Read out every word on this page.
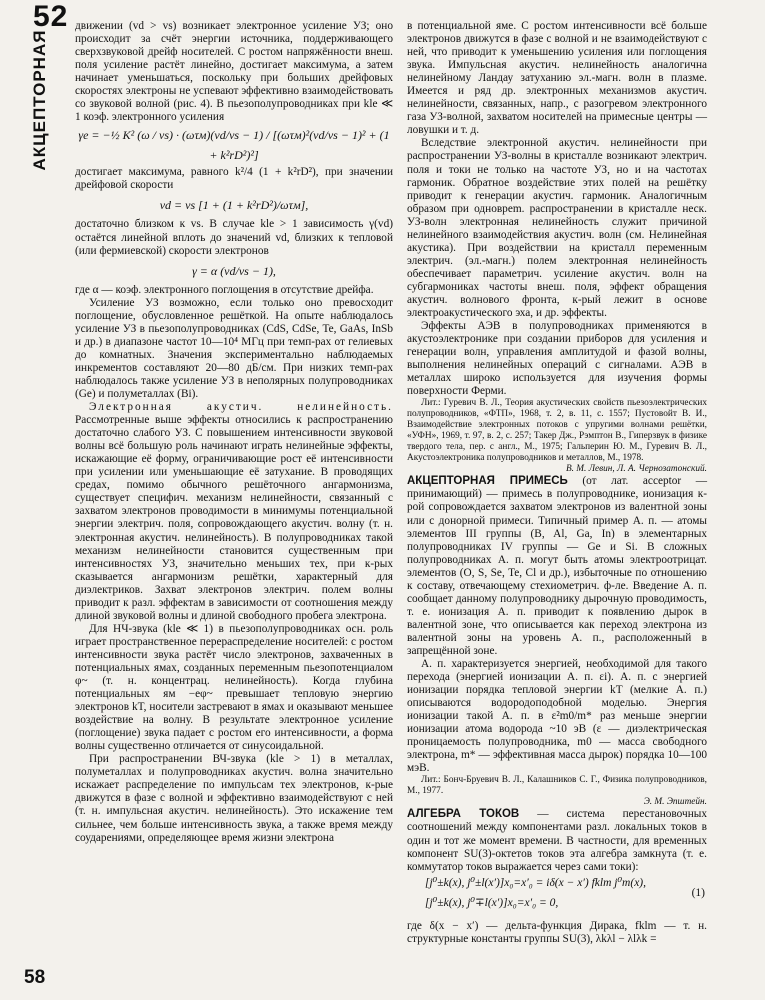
52
АКЦЕПТОРНАЯ
58

движении (vd > vs) возникает электронное усиление УЗ; оно происходит за счёт энергии источника, поддерживающего сверхзвуковой дрейф носителей. С ростом напряжённости внеш. поля усиление растёт линейно, достигает максимума, а затем начинает уменьшаться, поскольку при больших дрейфовых скоростях электроны не успевают эффективно взаимодействовать со звуковой волной (рис. 4). В пьезополупроводниках при klе ≪ 1 коэф. электронного усиления

γe = −½ K² (ω / vs) · (ωτм)(vd/vs − 1) / [(ωτм)²(vd/vs − 1)² + (1 + k²rD²)²]

достигает максимума, равного k²/4 (1 + k²rD²), при значении дрейфовой скорости

vd = vs [1 + (1 + k²rD²)/ωτм],

достаточно близком к vs. В случае klе > 1 зависимость γ(vd) остаётся линейной вплоть до значений vd, близких к тепловой (или фермиевской) скорости электронов

γ = α (vd/vs − 1),

где α — коэф. электронного поглощения в отсутствие дрейфа.

Усиление УЗ возможно, если только оно превосходит поглощение, обусловленное решёткой. На опыте наблюдалось усиление УЗ в пьезополупроводниках (CdS, CdSe, Te, GaAs, InSb и др.) в диапазоне частот 10—10⁴ МГц при темп-рах от гелиевых до комнатных. Значения экспериментально наблюдаемых инкрементов составляют 20—80 дБ/см. При низких темп-рах наблюдалось также усиление УЗ в неполярных полупроводниках (Ge) и полуметаллах (Bi).

Электронная акустич. нелинейность. Рассмотренные выше эффекты относились к распространению достаточно слабого УЗ. С повышением интенсивности звуковой волны всё большую роль начинают играть нелинейные эффекты, искажающие её форму, ограничивающие рост её интенсивности при усилении или уменьшающие её затухание. В проводящих средах, помимо обычного решёточного ангармонизма, существует специфич. механизм нелинейности, связанный с захватом электронов проводимости в минимумы потенциальной энергии электрич. поля, сопровождающего акустич. волну (т. н. электронная акустич. нелинейность). В полупроводниках такой механизм нелинейности становится существенным при интенсивностях УЗ, значительно меньших тех, при к-рых сказывается ангармонизм решётки, характерный для диэлектриков. Захват электронов электрич. полем волны приводит к разл. эффектам в зависимости от соотношения между длиной звуковой волны и длиной свободного пробега электрона.

Для НЧ-звука (klе ≪ 1) в пьезополупроводниках осн. роль играет пространственное перераспределение носителей: с ростом интенсивности звука растёт число электронов, захваченных в потенциальных ямах, созданных переменным пьезопотенциалом φ~ (т. н. концентрац. нелинейность). Когда глубина потенциальных ям −eφ~ превышает тепловую энергию электронов kT, носители застревают в ямах и оказывают меньшее воздействие на волну. В результате электронное усиление (поглощение) звука падает с ростом его интенсивности, а форма волны существенно отличается от синусоидальной.

При распространении ВЧ-звука (klе > 1) в металлах, полуметаллах и полупроводниках акустич. волна значительно искажает распределение по импульсам тех электронов, к-рые движутся в фазе с волной и эффективно взаимодействуют с ней (т. н. импульсная акустич. нелинейность). Это искажение тем сильнее, чем больше интенсивность звука, а также время между соударениями, определяющее время жизни электрона

в потенциальной яме. С ростом интенсивности всё больше электронов движутся в фазе с волной и не взаимодействуют с ней, что приводит к уменьшению усиления или поглощения звука. Импульсная акустич. нелинейность аналогична нелинейному Ландау затуханию эл.-магн. волн в плазме. Имеется и ряд др. электронных механизмов акустич. нелинейности, связанных, напр., с разогревом электронного газа УЗ-волной, захватом носителей на примесные центры — ловушки и т. д.

Вследствие электронной акустич. нелинейности при распространении УЗ-волны в кристалле возникают электрич. поля и токи не только на частоте УЗ, но и на частотах гармоник. Обратное воздействие этих полей на решётку приводит к генерации акустич. гармоник. Аналогичным образом при одновреm. распространении в кристалле неск. УЗ-волн электронная нелинейность служит причиной нелинейного взаимодействия акустич. волн (см. Нелинейная акустика). При воздействии на кристалл переменным электрич. (эл.-магн.) полем электронная нелинейность обеспечивает параметрич. усиление акустич. волн на субгармониках частоты внеш. поля, эффект обращения акустич. волнового фронта, к-рый лежит в основе электроакустического эха, и др. эффекты.

Эффекты АЭВ в полупроводниках применяются в акустоэлектронике при создании приборов для усиления и генерации волн, управления амплитудой и фазой волны, выполнения нелинейных операций с сигналами. АЭВ в металлах широко используется для изучения формы поверхности Ферми.

Лит.: Гуревич В. Л., Теория акустических свойств пьезоэлектрических полупроводников, «ФТП», 1968, т. 2, в. 11, с. 1557; Пустовойт В. И., Взаимодействие электронных потоков с упругими волнами решётки, «УФН», 1969, т. 97, в. 2, с. 257; Такер Дж., Рэмптон В., Гиперзвук в физике твердого тела, пер. с англ., М., 1975; Гальперин Ю. М., Гуревич В. Л., Акустоэлектроника полупроводников и металлов, М., 1978.

В. М. Левин, Л. А. Чернозатонский.

АКЦЕПТОРНАЯ ПРИМЕСЬ (от лат. acceptor — принимающий) — примесь в полупроводнике, ионизация к-рой сопровождается захватом электронов из валентной зоны или с донорной примеси. Типичный пример А. п. — атомы элементов III группы (B, Al, Ga, In) в элементарных полупроводниках IV группы — Ge и Si. В сложных полупроводниках А. п. могут быть атомы электроотрицат. элементов (O, S, Se, Te, Cl и др.), избыточные по отношению к составу, отвечающему стехиометрич. ф-ле. Введение А. п. сообщает данному полупроводнику дырочную проводимость, т. е. ионизация А. п. приводит к появлению дырок в валентной зоне, что описывается как переход электрона из валентной зоны на уровень А. п., расположенный в запрещённой зоне.

А. п. характеризуется энергией, необходимой для такого перехода (энергией ионизации А. п. εi). А. п. с энергией ионизации порядка тепловой энергии kT (мелкие А. п.) описываются водородоподобной моделью. Энергия ионизации такой А. п. в ε²m0/m* раз меньше энергии ионизации атома водорода ~10 эВ (ε — диэлектрическая проницаемость полупроводника, m0 — масса свободного электрона, m* — эффективная масса дырок) порядка 10—100 мэВ.

Лит.: Бонч-Бруевич В. Л., Калашников С. Г., Физика полупроводников, М., 1977.

Э. М. Эпштейн.

АЛГЕБРА ТОКОВ — система перестановочных соотношений между компонентами разл. локальных токов в один и тот же момент времени. В частности, для временных компонент SU(3)-октетов токов эта алгебра замкнута (т. е. коммутатор токов выражается через сами токи):

[j⁰±k(x), j⁰±l(x′)]x₀=x′₀ = iδ(x − x′) fklm j⁰m(x),
[j⁰±k(x), j⁰∓l(x′)]x₀=x′₀ = 0,
(1)

где δ(x − x′) — дельта-функция Дирака, fklm — т. н. структурные константы группы SU(3), λkλl − λlλk =
